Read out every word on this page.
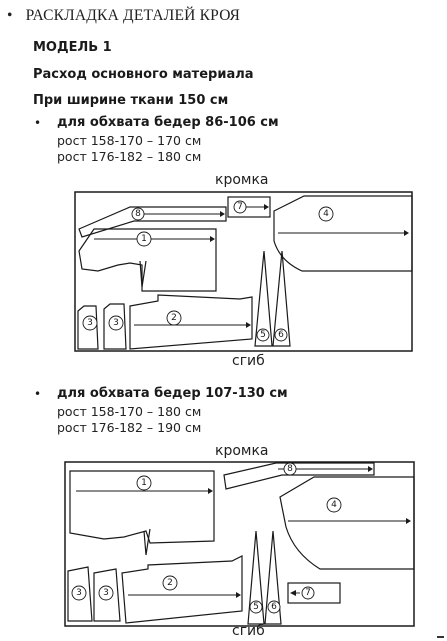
• РАСКЛАДКА ДЕТАЛЕЙ КРОЯ
МОДЕЛЬ 1
Расход основного материала
При ширине ткани 150 см
• для обхвата бедер 86-106 см
рост 158-170 – 170 см
рост 176-182 – 180 см
кромка
8
7
1
4
2
3 3
5 6
сгиб
• для обхвата бедер 107-130 см
рост 158-170 – 180 см
рост 176-182 – 190 см
кромка
8
1
4
2
3 3
5 6
7
сгиб
